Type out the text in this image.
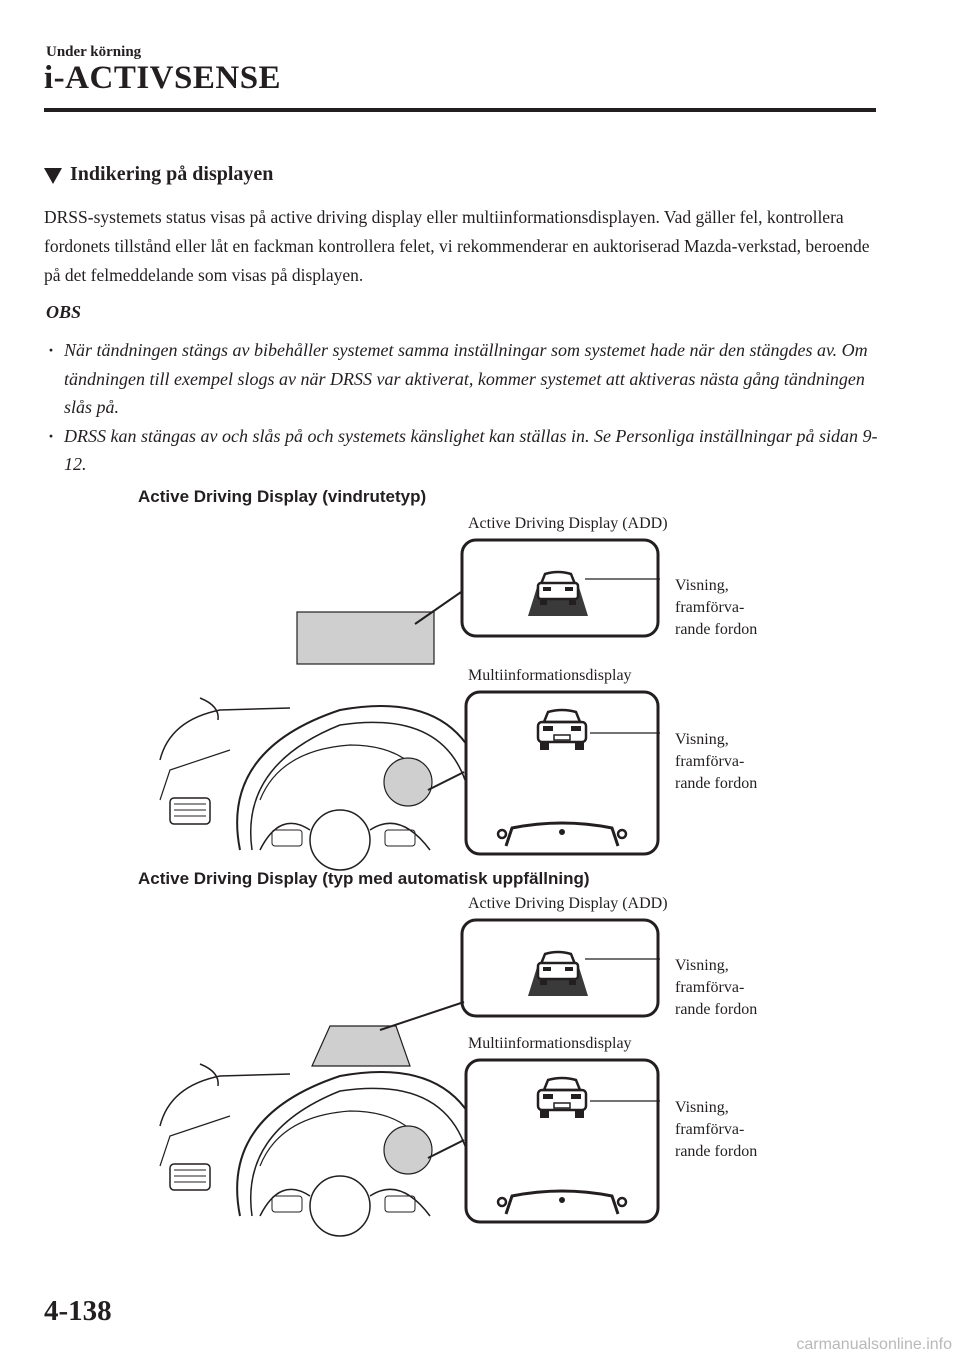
Under körning
i-ACTIVSENSE
Indikering på displayen
DRSS-systemets status visas på active driving display eller multiinformationsdisplayen. Vad gäller fel, kontrollera fordonets tillstånd eller låt en fackman kontrollera felet, vi rekommenderar en auktoriserad Mazda-verkstad, beroende på det felmeddelande som visas på displayen.
OBS
· När tändningen stängs av bibehåller systemet samma inställningar som systemet hade när den stängdes av. Om tändningen till exempel slogs av när DRSS var aktiverat, kommer systemet att aktiveras nästa gång tändningen slås på.
· DRSS kan stängas av och slås på och systemets känslighet kan ställas in. Se Personliga inställningar på sidan 9-12.
Active Driving Display (vindrutetyp)
Active Driving Display (ADD)
Visning, framförva- rande fordon
Multiinformationsdisplay
Visning, framförva- rande fordon
Active Driving Display (typ med automatisk uppfällning)
Active Driving Display (ADD)
Visning, framförva- rande fordon
Multiinformationsdisplay
Visning, framförva- rande fordon
4-138
carmanualsonline.info
